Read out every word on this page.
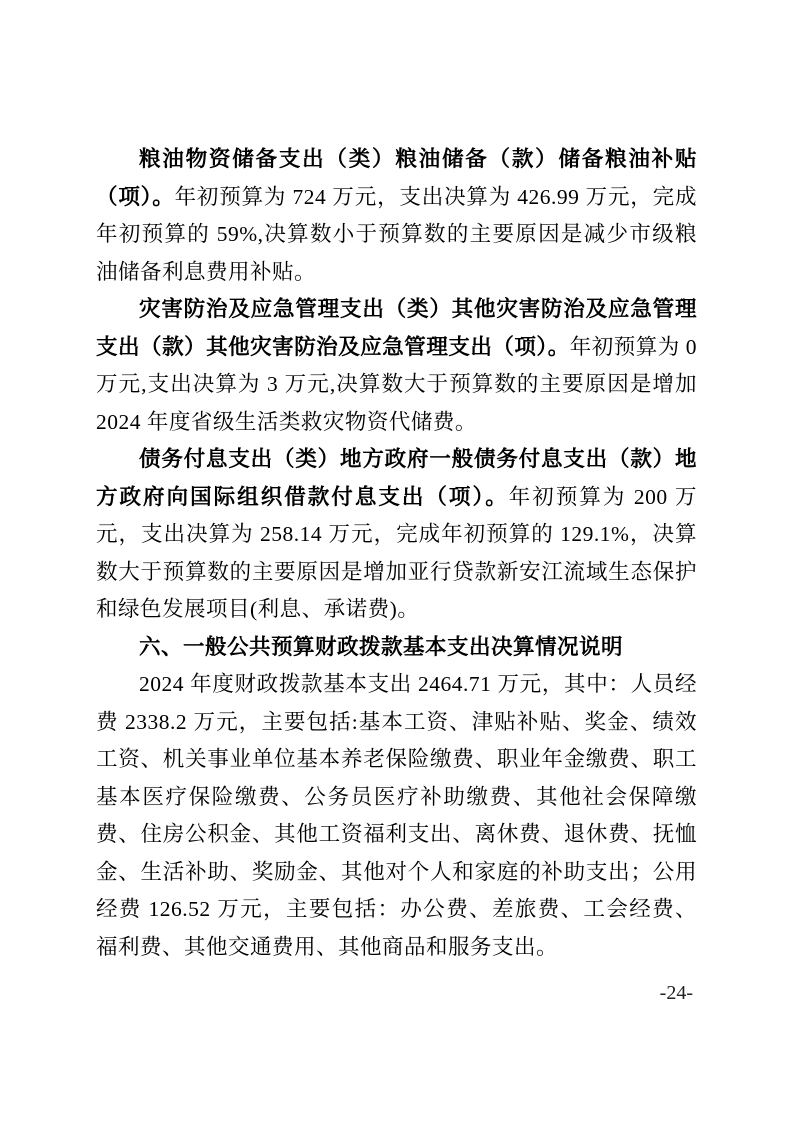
粮油物资储备支出（类）粮油储备（款）储备粮油补贴（项）。年初预算为 724 万元，支出决算为 426.99 万元，完成年初预算的 59%,决算数小于预算数的主要原因是减少市级粮油储备利息费用补贴。

灾害防治及应急管理支出（类）其他灾害防治及应急管理支出（款）其他灾害防治及应急管理支出（项）。年初预算为 0 万元,支出决算为 3 万元,决算数大于预算数的主要原因是增加 2024 年度省级生活类救灾物资代储费。

债务付息支出（类）地方政府一般债务付息支出（款）地方政府向国际组织借款付息支出（项）。年初预算为 200 万元，支出决算为 258.14 万元，完成年初预算的 129.1%，决算数大于预算数的主要原因是增加亚行贷款新安江流域生态保护和绿色发展项目(利息、承诺费)。

六、一般公共预算财政拨款基本支出决算情况说明

2024 年度财政拨款基本支出 2464.71 万元，其中：人员经费 2338.2 万元，主要包括:基本工资、津贴补贴、奖金、绩效工资、机关事业单位基本养老保险缴费、职业年金缴费、职工基本医疗保险缴费、公务员医疗补助缴费、其他社会保障缴费、住房公积金、其他工资福利支出、离休费、退休费、抚恤金、生活补助、奖励金、其他对个人和家庭的补助支出；公用经费 126.52 万元，主要包括：办公费、差旅费、工会经费、福利费、其他交通费用、其他商品和服务支出。

-24-
